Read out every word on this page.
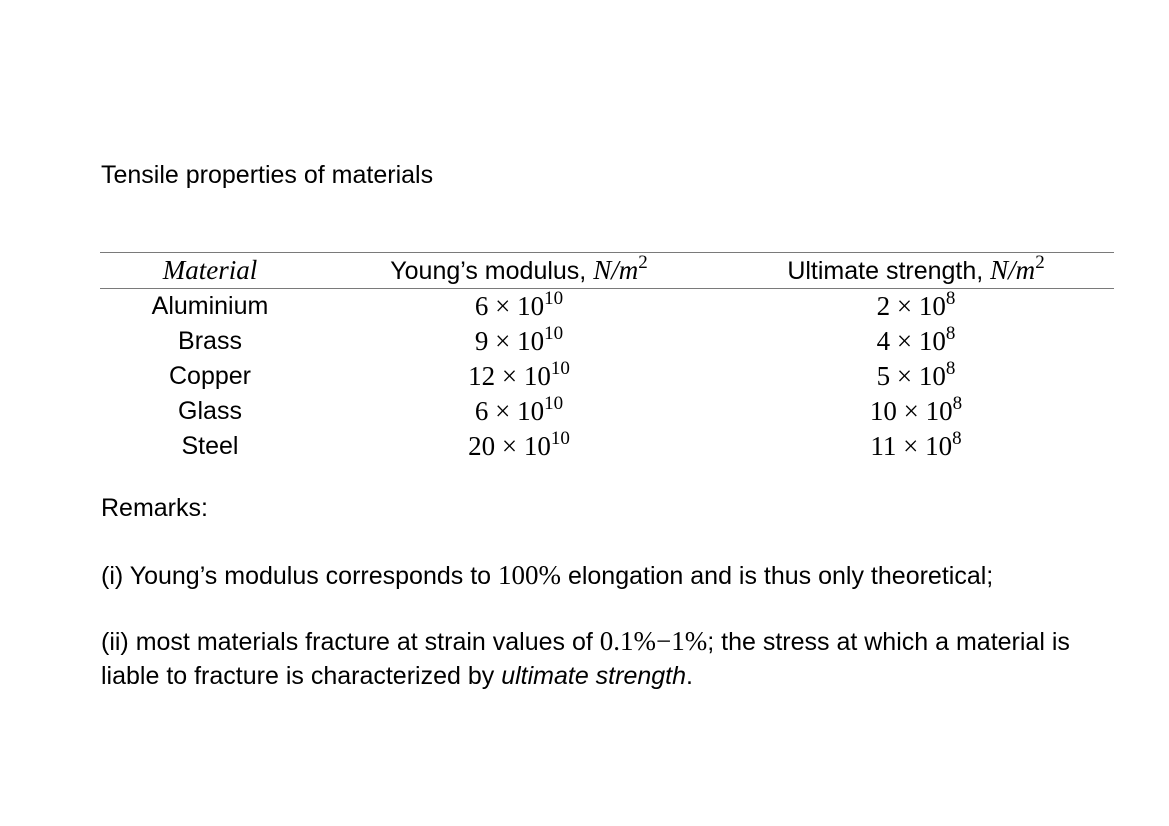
Tensile properties of materials
Material	Young’s modulus, $N/m^2$	Ultimate strength, $N/m^2$
Aluminium	$6 \times 10^{10}$	$2 \times 10^8$
Brass	$9 \times 10^{10}$	$4 \times 10^8$
Copper	$12 \times 10^{10}$	$5 \times 10^8$
Glass	$6 \times 10^{10}$	$10 \times 10^8$
Steel	$20 \times 10^{10}$	$11 \times 10^8$
Remarks:
(i) Young’s modulus corresponds to 100% elongation and is thus only theoretical;
(ii) most materials fracture at strain values of 0.1%−1%; the stress at which a material is liable to fracture is characterized by ultimate strength.
